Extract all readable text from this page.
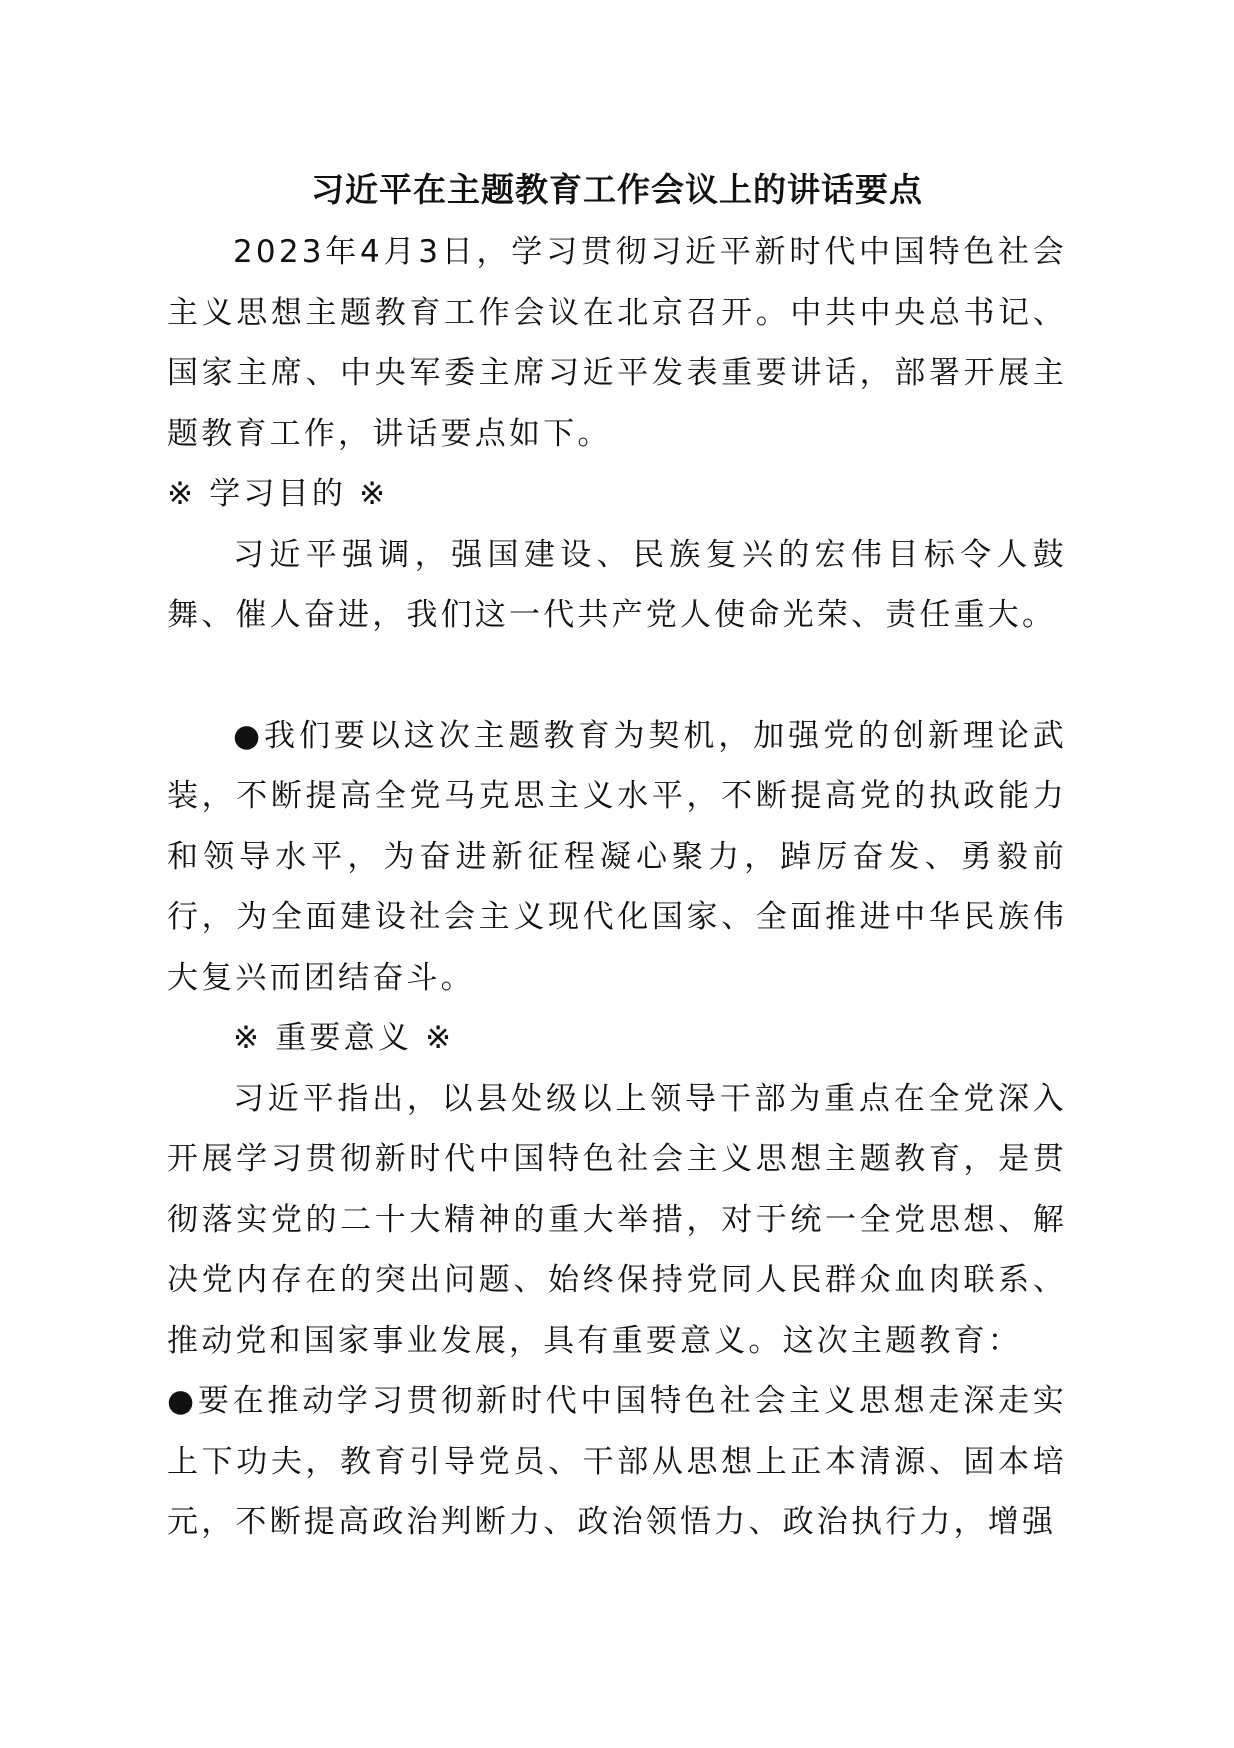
习近平在主题教育工作会议上的讲话要点

2023年4月3日，学习贯彻习近平新时代中国特色社会主义思想主题教育工作会议在北京召开。中共中央总书记、国家主席、中央军委主席习近平发表重要讲话，部署开展主题教育工作，讲话要点如下。

※ 学习目的 ※

习近平强调，强国建设、民族复兴的宏伟目标令人鼓舞、催人奋进，我们这一代共产党人使命光荣、责任重大。

●我们要以这次主题教育为契机，加强党的创新理论武装，不断提高全党马克思主义水平，不断提高党的执政能力和领导水平，为奋进新征程凝心聚力，踔厉奋发、勇毅前行，为全面建设社会主义现代化国家、全面推进中华民族伟大复兴而团结奋斗。

※ 重要意义 ※

习近平指出，以县处级以上领导干部为重点在全党深入开展学习贯彻新时代中国特色社会主义思想主题教育，是贯彻落实党的二十大精神的重大举措，对于统一全党思想、解决党内存在的突出问题、始终保持党同人民群众血肉联系、推动党和国家事业发展，具有重要意义。这次主题教育：

●要在推动学习贯彻新时代中国特色社会主义思想走深走实上下功夫，教育引导党员、干部从思想上正本清源、固本培元，不断提高政治判断力、政治领悟力、政治执行力，增强
